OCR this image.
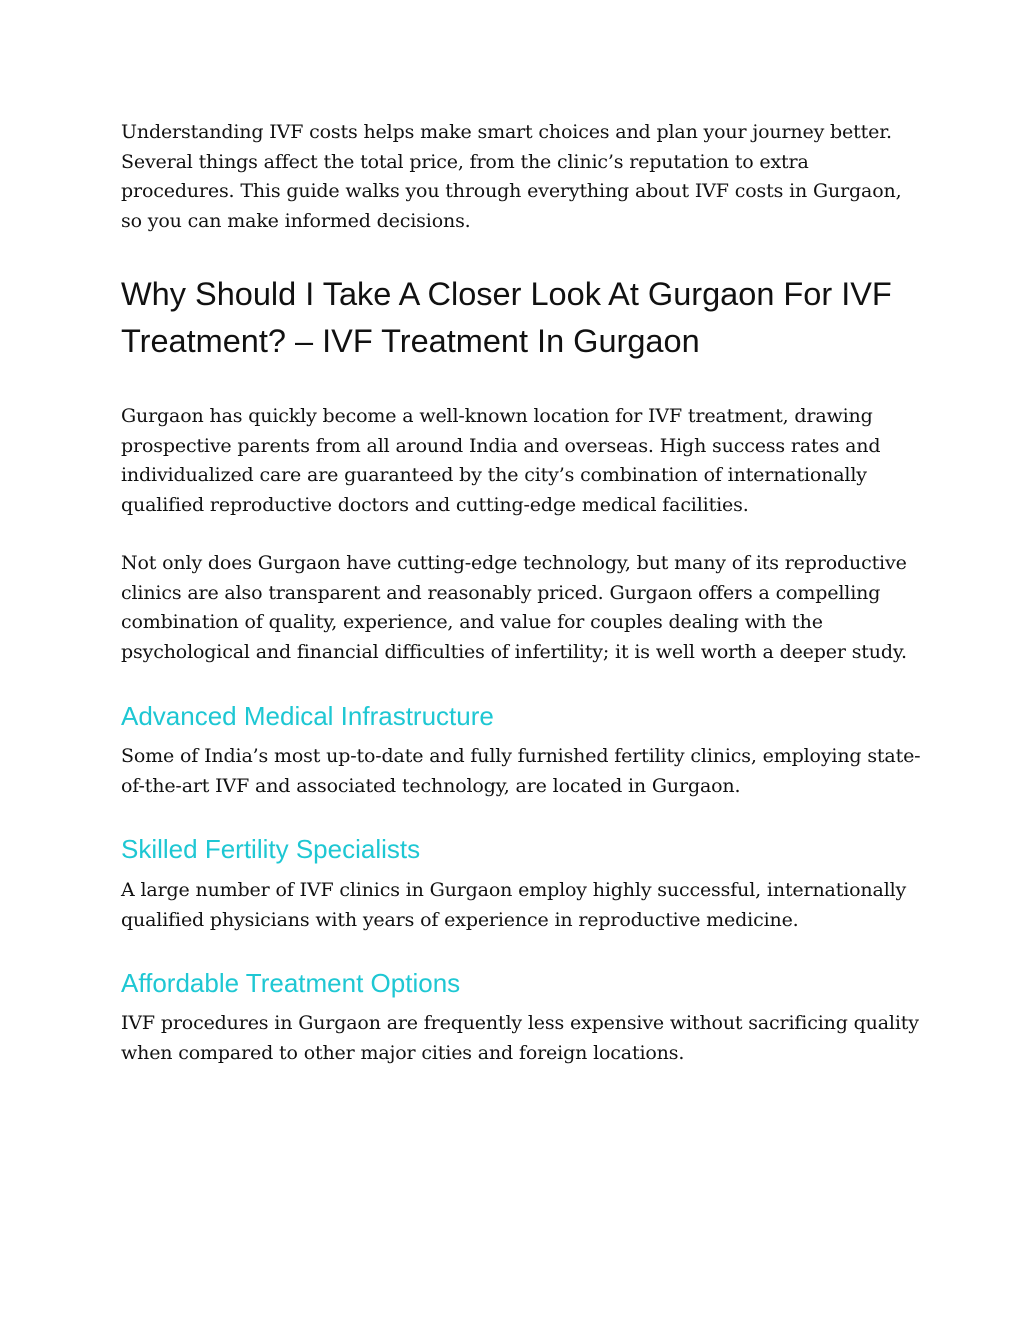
Understanding IVF costs helps make smart choices and plan your journey better. Several things affect the total price, from the clinic’s reputation to extra procedures. This guide walks you through everything about IVF costs in Gurgaon, so you can make informed decisions.

Why Should I Take A Closer Look At Gurgaon For IVF Treatment? – IVF Treatment In Gurgaon

Gurgaon has quickly become a well-known location for IVF treatment, drawing prospective parents from all around India and overseas. High success rates and individualized care are guaranteed by the city’s combination of internationally qualified reproductive doctors and cutting-edge medical facilities.

Not only does Gurgaon have cutting-edge technology, but many of its reproductive clinics are also transparent and reasonably priced. Gurgaon offers a compelling combination of quality, experience, and value for couples dealing with the psychological and financial difficulties of infertility; it is well worth a deeper study.

Advanced Medical Infrastructure

Some of India’s most up-to-date and fully furnished fertility clinics, employing state-of-the-art IVF and associated technology, are located in Gurgaon.

Skilled Fertility Specialists

A large number of IVF clinics in Gurgaon employ highly successful, internationally qualified physicians with years of experience in reproductive medicine.

Affordable Treatment Options

IVF procedures in Gurgaon are frequently less expensive without sacrificing quality when compared to other major cities and foreign locations.
